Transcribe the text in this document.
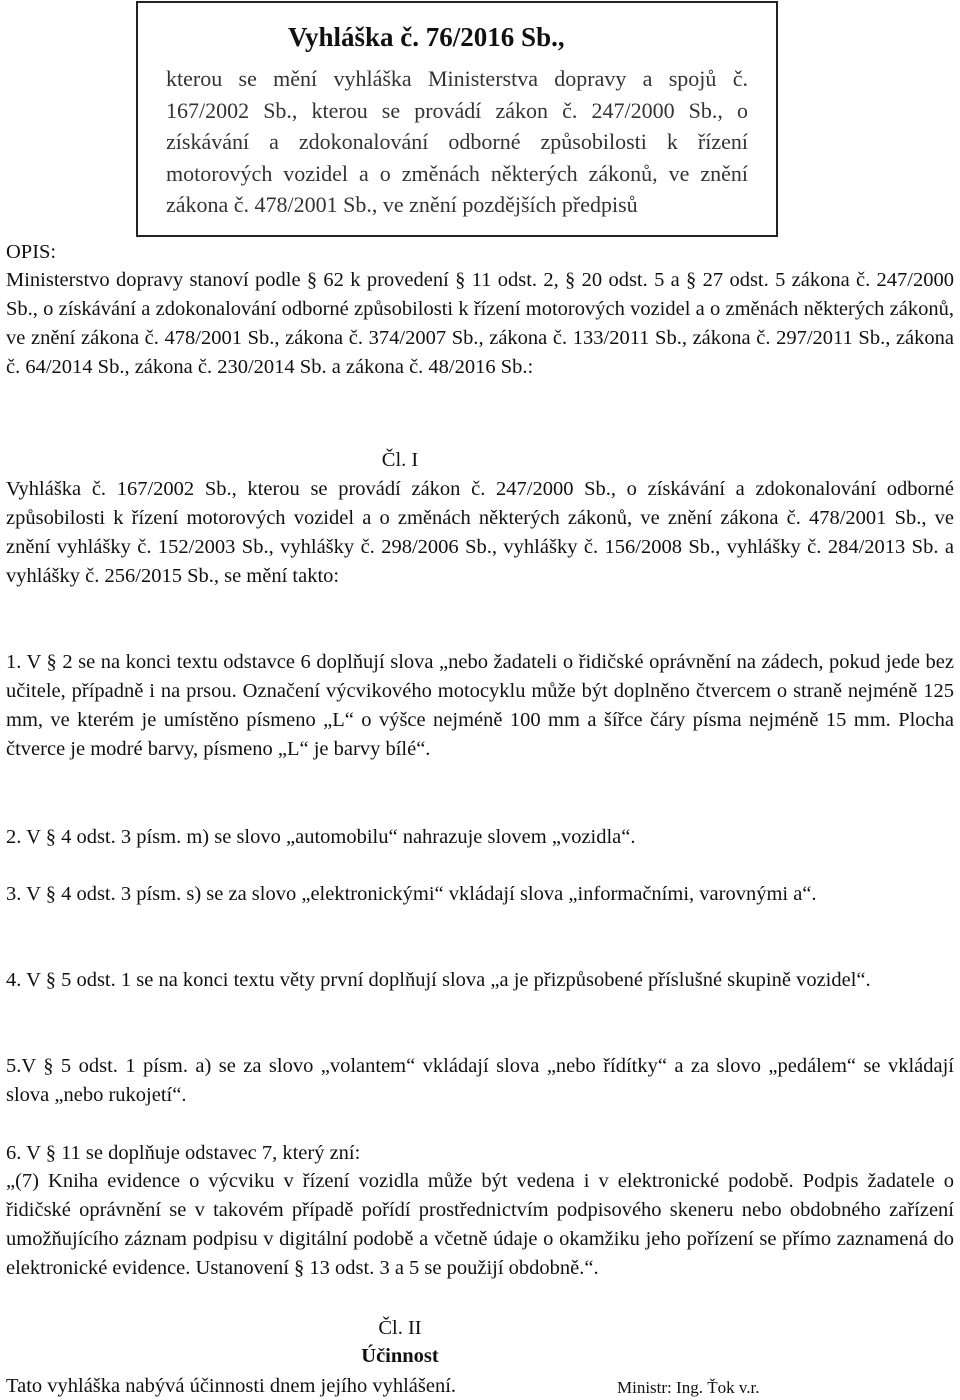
Vyhláška č. 76/2016 Sb.,
kterou se mění vyhláška Ministerstva dopravy a spojů č. 167/2002 Sb., kterou se provádí zákon č. 247/2000 Sb., o získávání a zdokonalování odborné způsobilosti k řízení motorových vozidel a o změnách některých zákonů, ve znění zákona č. 478/2001 Sb., ve znění pozdějších předpisů
OPIS:
Ministerstvo dopravy stanoví podle § 62 k provedení § 11 odst. 2, § 20 odst. 5 a § 27 odst. 5 zákona č. 247/2000 Sb., o získávání a zdokonalování odborné způsobilosti k řízení motorových vozidel a o změnách některých zákonů, ve znění zákona č. 478/2001 Sb., zákona č. 374/2007 Sb., zákona č. 133/2011 Sb., zákona č. 297/2011 Sb., zákona č. 64/2014 Sb., zákona č. 230/2014 Sb. a zákona č. 48/2016 Sb.:
Čl. I
Vyhláška č. 167/2002 Sb., kterou se provádí zákon č. 247/2000 Sb., o získávání a zdokonalování odborné způsobilosti k řízení motorových vozidel a o změnách některých zákonů, ve znění zákona č. 478/2001 Sb., ve znění vyhlášky č. 152/2003 Sb., vyhlášky č. 298/2006 Sb., vyhlášky č. 156/2008 Sb., vyhlášky č. 284/2013 Sb. a vyhlášky č. 256/2015 Sb., se mění takto:
1. V § 2 se na konci textu odstavce 6 doplňují slova „nebo žadateli o řidičské oprávnění na zádech, pokud jede bez učitele, případně i na prsou. Označení výcvikového motocyklu může být doplněno čtvercem o straně nejméně 125 mm, ve kterém je umístěno písmeno „L“ o výšce nejméně 100 mm a šířce čáry písma nejméně 15 mm. Plocha čtverce je modré barvy, písmeno „L“ je barvy bílé“.
2. V § 4 odst. 3 písm. m) se slovo „automobilu“ nahrazuje slovem „vozidla“.
3. V § 4 odst. 3 písm. s) se za slovo „elektronickými“ vkládají slova „informačními, varovnými a“.
4. V § 5 odst. 1 se na konci textu věty první doplňují slova „a je přizpůsobené příslušné skupině vozidel“.
5.V § 5 odst. 1 písm. a) se za slovo „volantem“ vkládají slova „nebo řídítky“ a za slovo „pedálem“ se vkládají slova „nebo rukojetí“.
6. V § 11 se doplňuje odstavec 7, který zní:
„(7) Kniha evidence o výcviku v řízení vozidla může být vedena i v elektronické podobě. Podpis žadatele o řidičské oprávnění se v takovém případě pořídí prostřednictvím podpisového skeneru nebo obdobného zařízení umožňujícího záznam podpisu v digitální podobě a včetně údaje o okamžiku jeho pořízení se přímo zaznamená do elektronické evidence. Ustanovení § 13 odst. 3 a 5 se použijí obdobně.“.
Čl. II
Účinnost
Tato vyhláška nabývá účinnosti dnem jejího vyhlášení.	Ministr: Ing. Ťok v.r.
